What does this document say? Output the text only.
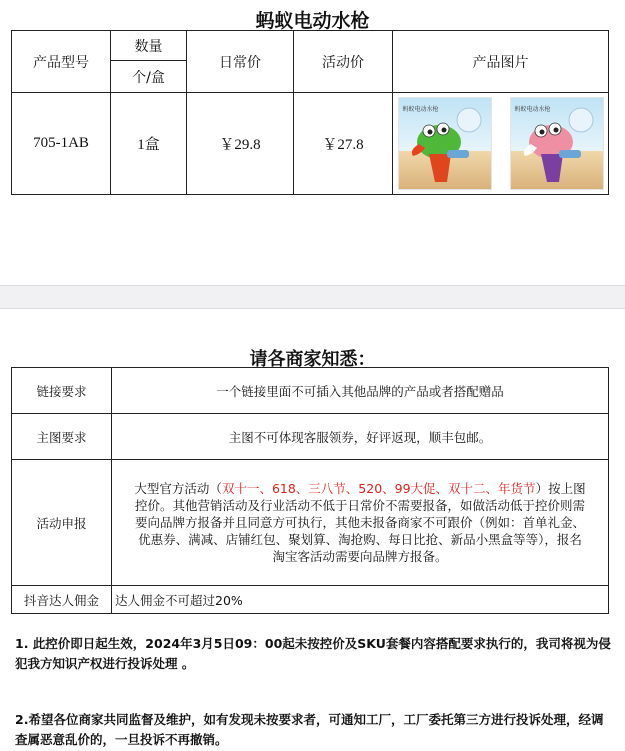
蚂蚁电动水枪
产品型号	数量	日常价	活动价	产品图片
	个/盒			
705-1AB	1盒	￥29.8	￥27.8	蚂蚁电动水枪 蚂蚁电动水枪
请各商家知悉：
链接要求	一个链接里面不可插入其他品牌的产品或者搭配赠品
主图要求	主图不可体现客服领券，好评返现，顺丰包邮。
活动申报	大型官方活动（双十一、618、三八节、520、99大促、双十二、年货节）按上图控价。其他营销活动及行业活动不低于日常价不需要报备，如做活动低于控价则需要向品牌方报备并且同意方可执行，其他未报备商家不可跟价（例如：首单礼金、优惠券、满减、店铺红包、聚划算、淘抢购、每日比抢、新品小黑盒等等），报名淘宝客活动需要向品牌方报备。
抖音达人佣金	达人佣金不可超过20%
1. 此控价即日起生效，2024年3月5日09：00起未按控价及SKU套餐内容搭配要求执行的，我司将视为侵犯我方知识产权进行投诉处理 。
2.希望各位商家共同监督及维护，如有发现未按要求者，可通知工厂，工厂委托第三方进行投诉处理，经调查属恶意乱价的，一旦投诉不再撤销。
